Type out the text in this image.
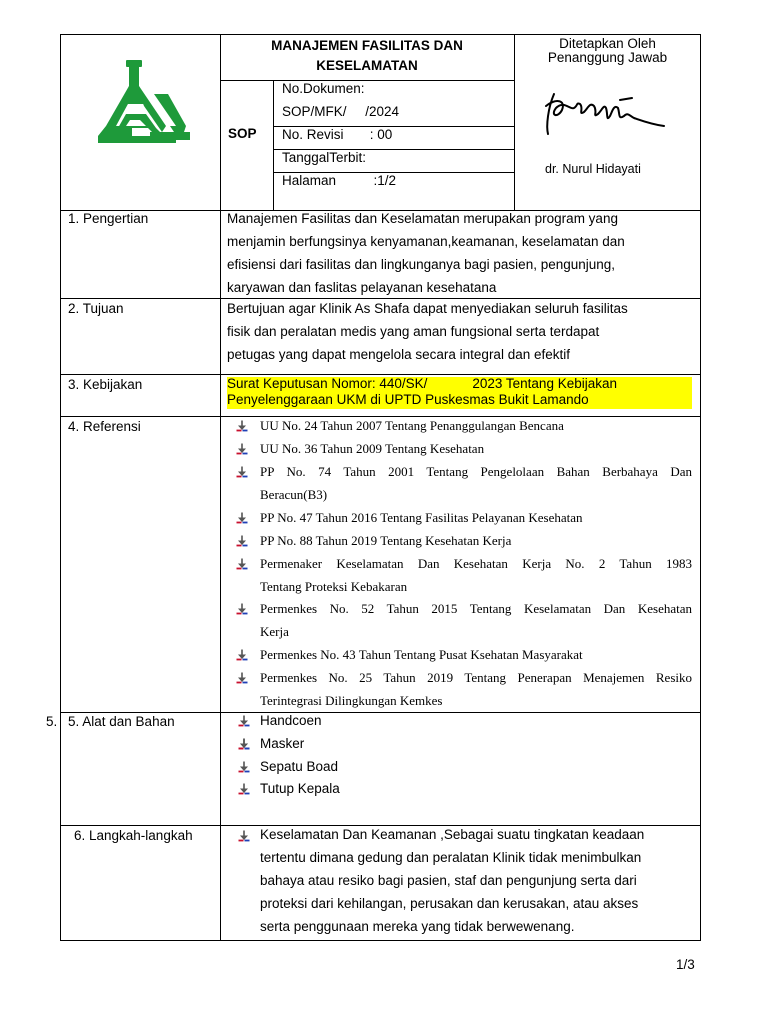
MANAJEMEN FASILITAS DAN
KESELAMATAN
SOP
No.Dokumen:
SOP/MFK/     /2024
No. Revisi       : 00
TanggalTerbit:
Halaman          :1/2
Ditetapkan Oleh
Penanggung Jawab
dr. Nurul Hidayati
1. Pengertian	Manajemen Fasilitas dan Keselamatan merupakan program yang
menjamin berfungsinya kenyamanan,keamanan, keselamatan dan
efisiensi dari fasilitas dan lingkunganya bagi pasien, pengunjung,
karyawan dan faslitas pelayanan kesehatana
2. Tujuan	Bertujuan agar Klinik As Shafa dapat menyediakan seluruh fasilitas
fisik dan peralatan medis yang aman fungsional serta terdapat
petugas yang dapat mengelola secara integral dan efektif
3. Kebijakan	Surat Keputusan Nomor: 440/SK/            2023 Tentang Kebijakan
Penyelenggaraan UKM di UPTD Puskesmas Bukit Lamando
4. Referensi	UU No. 24 Tahun 2007 Tentang Penanggulangan Bencana
UU No. 36 Tahun 2009 Tentang Kesehatan
PP No. 74 Tahun 2001 Tentang Pengelolaan Bahan Berbahaya Dan
Beracun(B3)
PP No. 47 Tahun 2016 Tentang Fasilitas Pelayanan Kesehatan
PP No. 88 Tahun 2019 Tentang Kesehatan Kerja
Permenaker Keselamatan Dan Kesehatan Kerja No. 2 Tahun 1983
Tentang Proteksi Kebakaran
Permenkes No. 52 Tahun 2015 Tentang Keselamatan Dan Kesehatan
Kerja
Permenkes No. 43 Tahun Tentang Pusat Ksehatan Masyarakat
Permenkes No. 25 Tahun 2019 Tentang Penerapan Menajemen Resiko
Terintegrasi Dilingkungan Kemkes
5. 5. Alat dan Bahan	Handcoen
Masker
Sepatu Boad
Tutup Kepala
6. Langkah-langkah	Keselamatan Dan Keamanan ,Sebagai suatu tingkatan keadaan
tertentu dimana gedung dan peralatan Klinik tidak menimbulkan
bahaya atau resiko bagi pasien, staf dan pengunjung serta dari
proteksi dari kehilangan, perusakan dan kerusakan, atau akses
serta penggunaan mereka yang tidak berwewenang.
1/3
